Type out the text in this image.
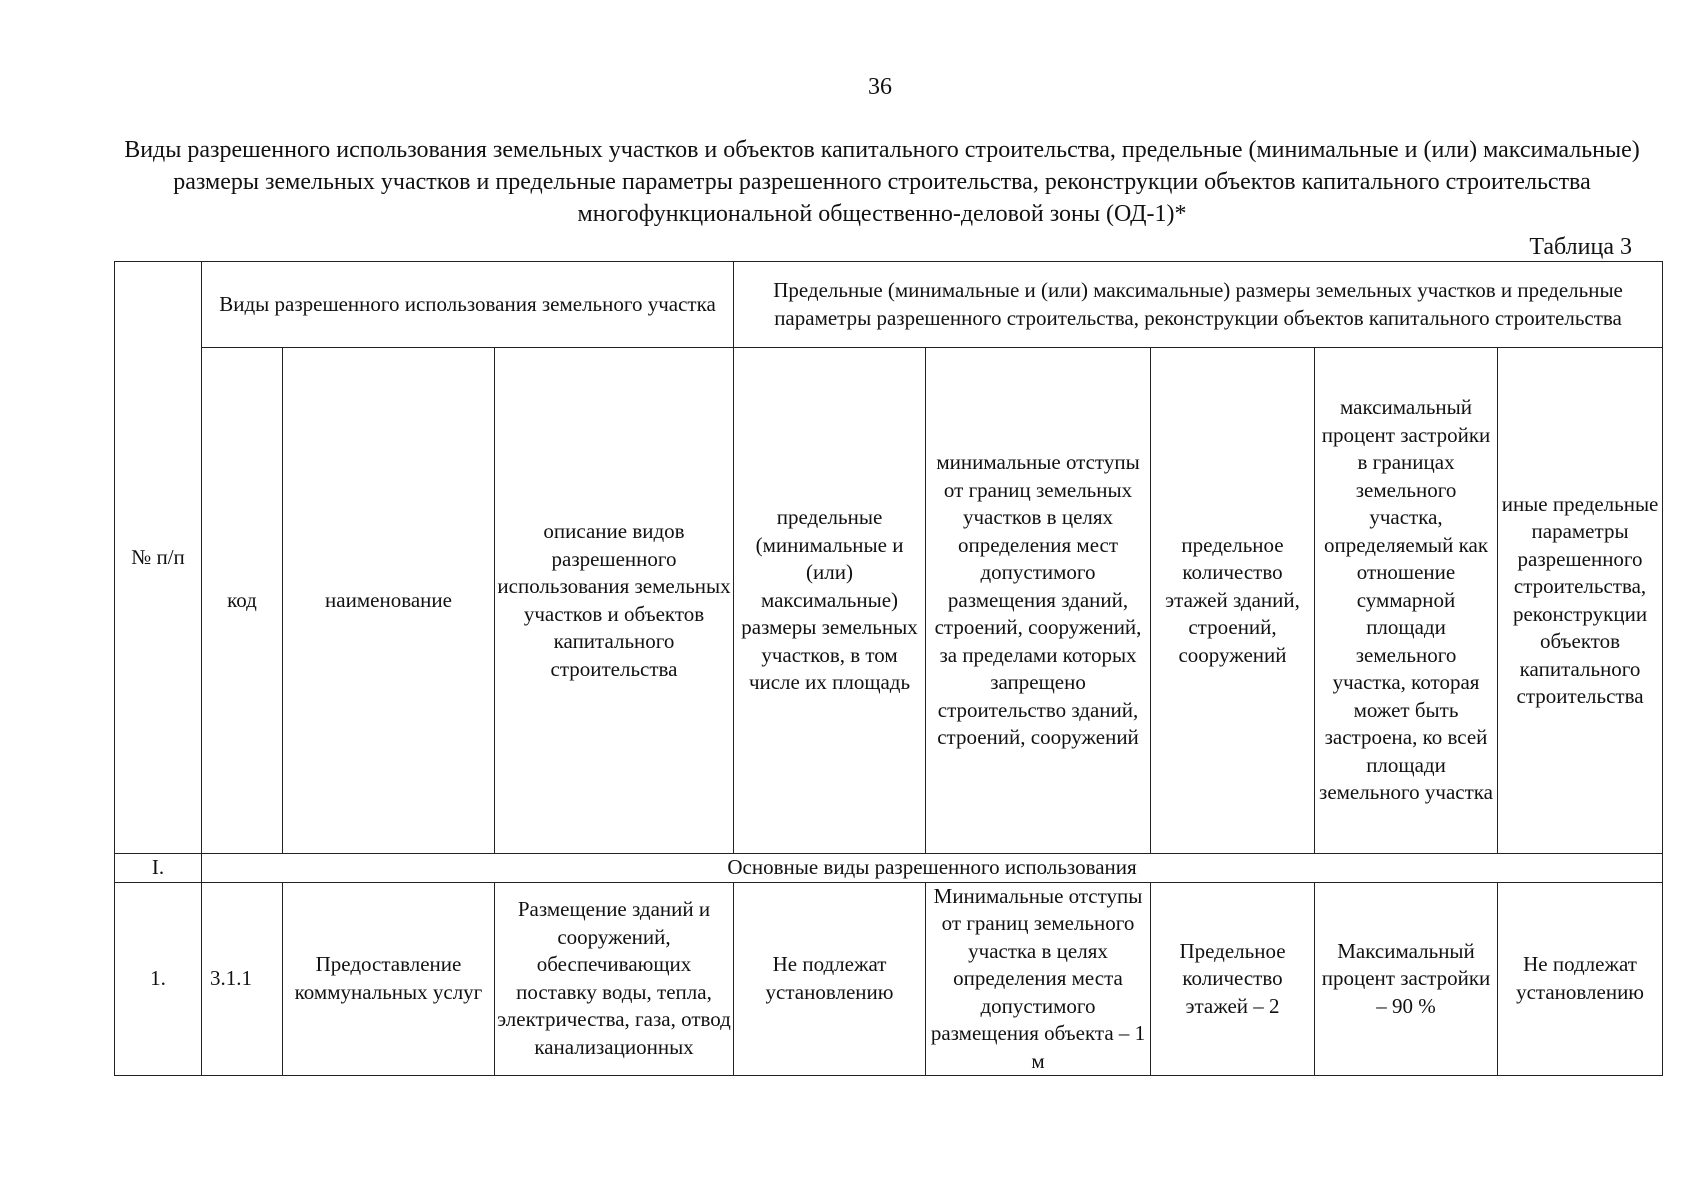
36
Виды разрешенного использования земельных участков и объектов капитального строительства, предельные (минимальные и (или) максимальные) размеры земельных участков и предельные параметры разрешенного строительства, реконструкции объектов капитального строительства многофункциональной общественно-деловой зоны (ОД-1)*
Таблица 3
№ п/п	Виды разрешенного использования земельного участка			Предельные (минимальные и (или) максимальные) размеры земельных участков и предельные параметры разрешенного строительства, реконструкции объектов капитального строительства				
	код	наименование	описание видов разрешенного использования земельных участков и объектов капитального строительства	предельные (минимальные и (или) максимальные) размеры земельных участков, в том числе их площадь	минимальные отступы от границ земельных участков в целях определения мест допустимого размещения зданий, строений, сооружений, за пределами которых запрещено строительство зданий, строений, сооружений	предельное количество этажей зданий, строений, сооружений	максимальный процент застройки в границах земельного участка, определяемый как отношение суммарной площади земельного участка, которая может быть застроена, ко всей площади земельного участка	иные предельные параметры разрешенного строительства, реконструкции объектов капитального строительства
I.	Основные виды разрешенного использования							
1.	3.1.1	Предоставление коммунальных услуг	Размещение зданий и сооружений, обеспечивающих поставку воды, тепла, электричества, газа, отвод канализационных	Не подлежат установлению	Минимальные отступы от границ земельного участка в целях определения места допустимого размещения объекта – 1 м	Предельное количество этажей – 2	Максимальный процент застройки – 90 %	Не подлежат установлению
